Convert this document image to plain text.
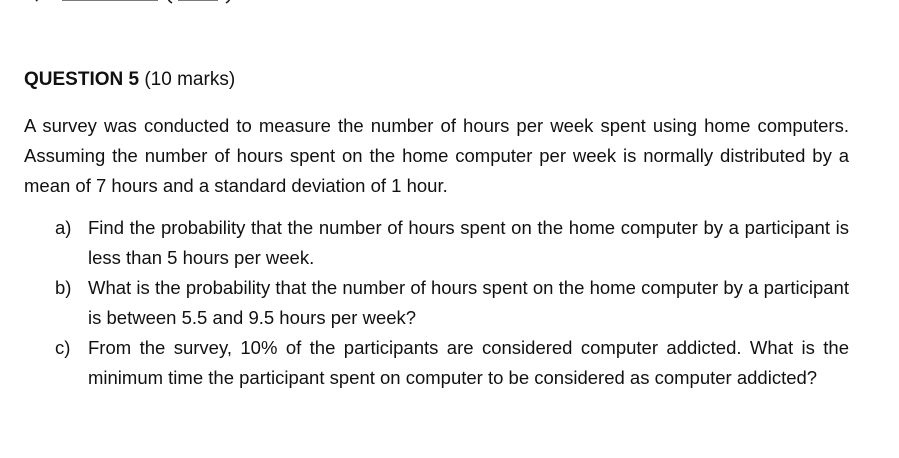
QUESTION 5 (10 marks)
A survey was conducted to measure the number of hours per week spent using home computers. Assuming the number of hours spent on the home computer per week is normally distributed by a mean of 7 hours and a standard deviation of 1 hour.
a) Find the probability that the number of hours spent on the home computer by a participant is less than 5 hours per week.
b) What is the probability that the number of hours spent on the home computer by a participant is between 5.5 and 9.5 hours per week?
c) From the survey, 10% of the participants are considered computer addicted. What is the minimum time the participant spent on computer to be considered as computer addicted?
